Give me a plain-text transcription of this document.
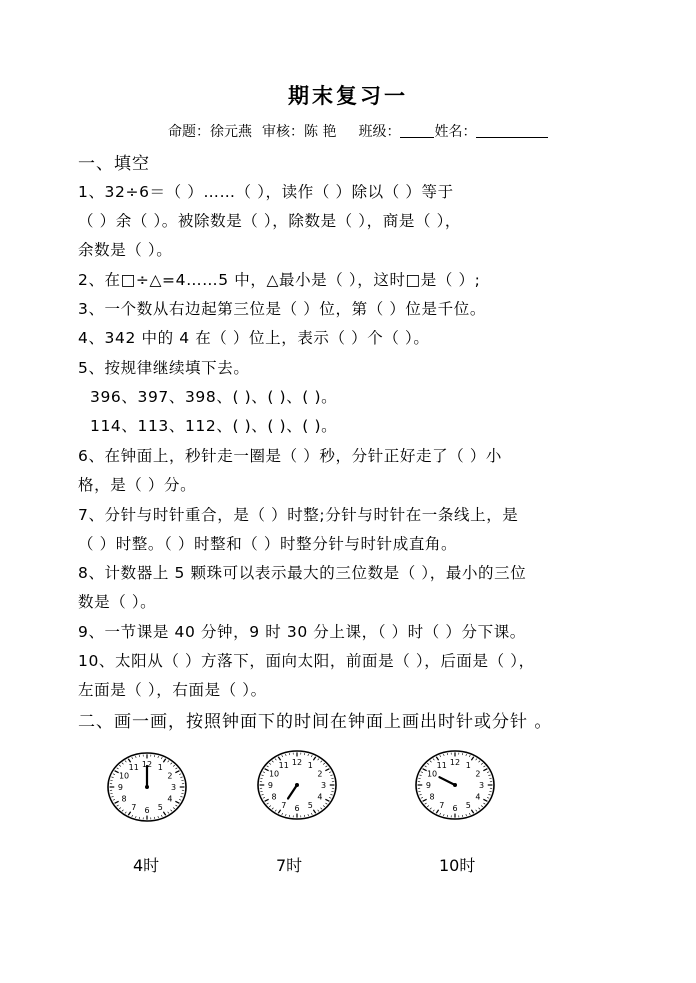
期末复习一
命题：徐元燕 审核：陈 艳 班级： 姓名：
一、填空
1、32÷6＝（ ）……（ ），读作（ ）除以（ ）等于
（ ）余（ ）。被除数是（ ），除数是（ ），商是（ ），
余数是（ ）。
2、在□÷△=4……5 中，△最小是（ ），这时□是（ ）;
3、一个数从右边起第三位是（ ）位，第（ ）位是千位。
4、342 中的 4 在（ ）位上，表示（ ）个（ ）。
5、按规律继续填下去。
396、397、398、( )、( )、( )。
114、113、112、( )、( )、( )。
6、在钟面上，秒针走一圈是（ ）秒，分针正好走了（ ）小
格，是（ ）分。
7、分针与时针重合，是（ ）时整;分针与时针在一条线上，是
（ ）时整。（ ）时整和（ ）时整分针与时针成直角。
8、计数器上 5 颗珠可以表示最大的三位数是（ ），最小的三位
数是（ ）。
9、一节课是 40 分钟，9 时 30 分上课，（ ）时（ ）分下课。
10、太阳从（ ）方落下，面向太阳，前面是（ ），后面是（ ），
左面是（ ），右面是（ ）。
二、画一画，按照钟面下的时间在钟面上画出时针或分针 。
12 1
2
3
4
5
6
7
8
9
10
11
12 1
2
3
4
5
6
7
8
9
10
11	12 1
2
3
4
5
6
7
8
9
10
11
4时	7时	10时
